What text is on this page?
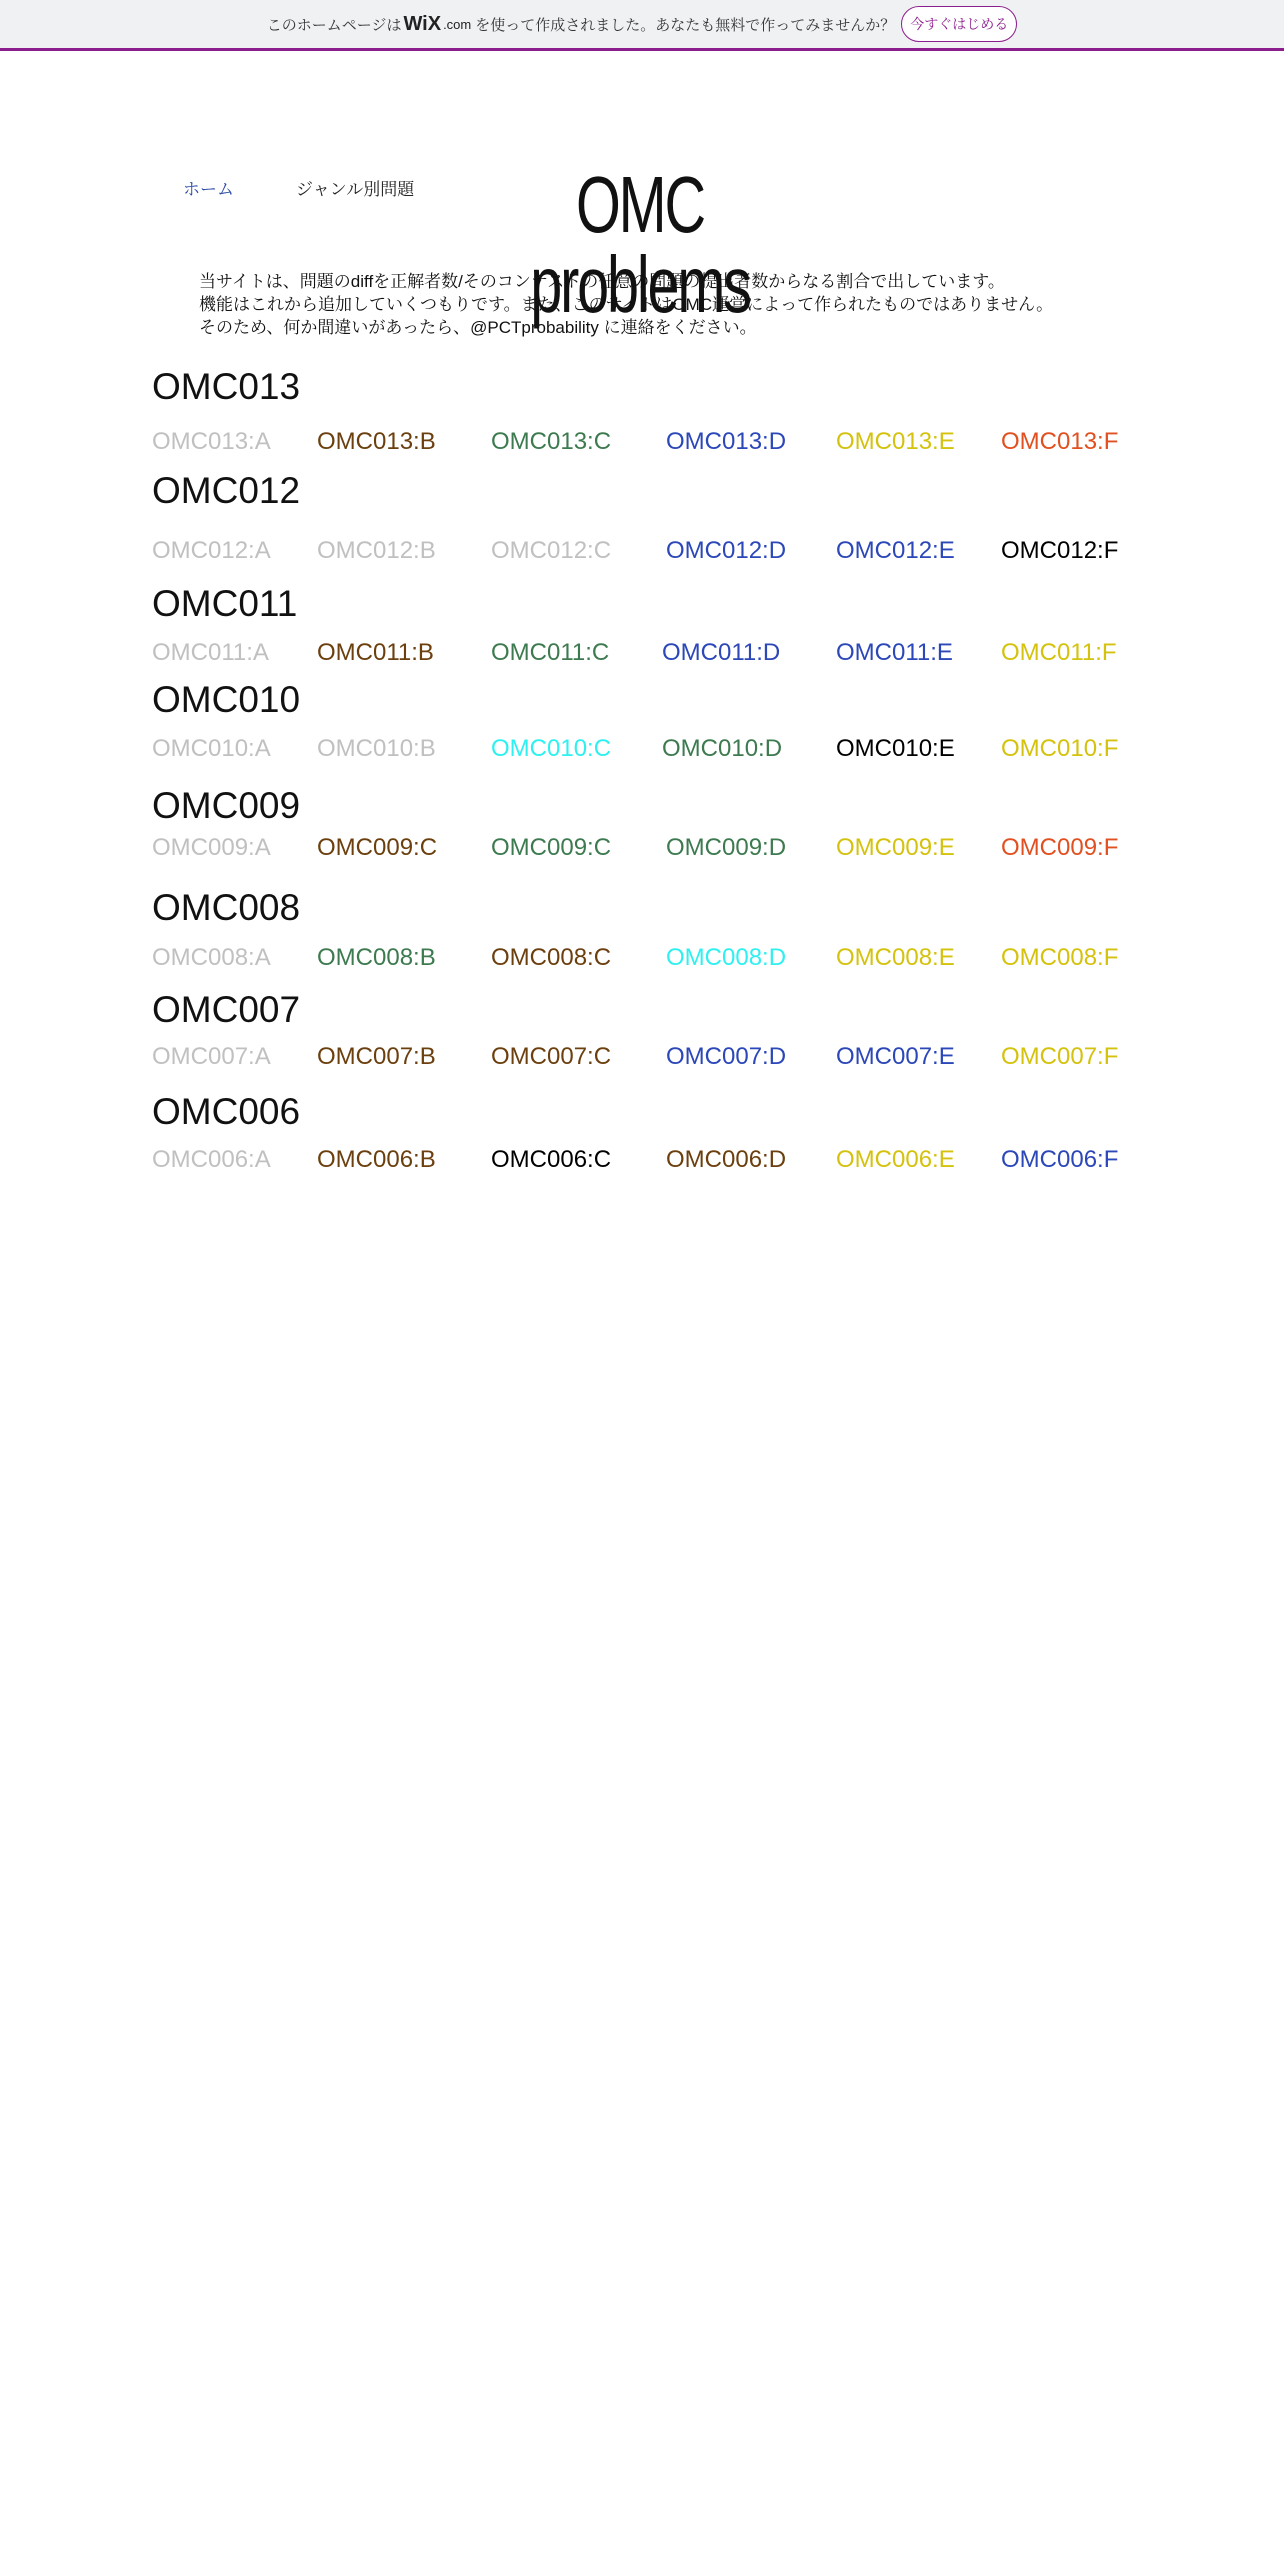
このホームページは WiX .com を使って作成されました。あなたも無料で作ってみませんか？	今すぐはじめる
ホーム	ジャンル別問題	OMC problems
当サイトは、問題のdiffを正解者数/そのコンテストの任意の問題の提出者数からなる割合で出しています。
機能はこれから追加していくつもりです。また、このサイトはOMC運営によって作られたものではありません。
そのため、何か間違いがあったら、@PCTprobability に連絡をください。
OMC013
OMC013:A OMC013:B OMC013:C OMC013:D OMC013:E OMC013:F
OMC012
OMC012:A OMC012:B OMC012:C OMC012:D OMC012:E OMC012:F
OMC011
OMC011:A OMC011:B OMC011:C OMC011:D OMC011:E OMC011:F
OMC010
OMC010:A OMC010:B OMC010:C OMC010:D OMC010:E OMC010:F
OMC009
OMC009:A OMC009:C OMC009:C OMC009:D OMC009:E OMC009:F
OMC008
OMC008:A OMC008:B OMC008:C OMC008:D OMC008:E OMC008:F
OMC007
OMC007:A OMC007:B OMC007:C OMC007:D OMC007:E OMC007:F
OMC006
OMC006:A OMC006:B OMC006:C OMC006:D OMC006:E OMC006:F
